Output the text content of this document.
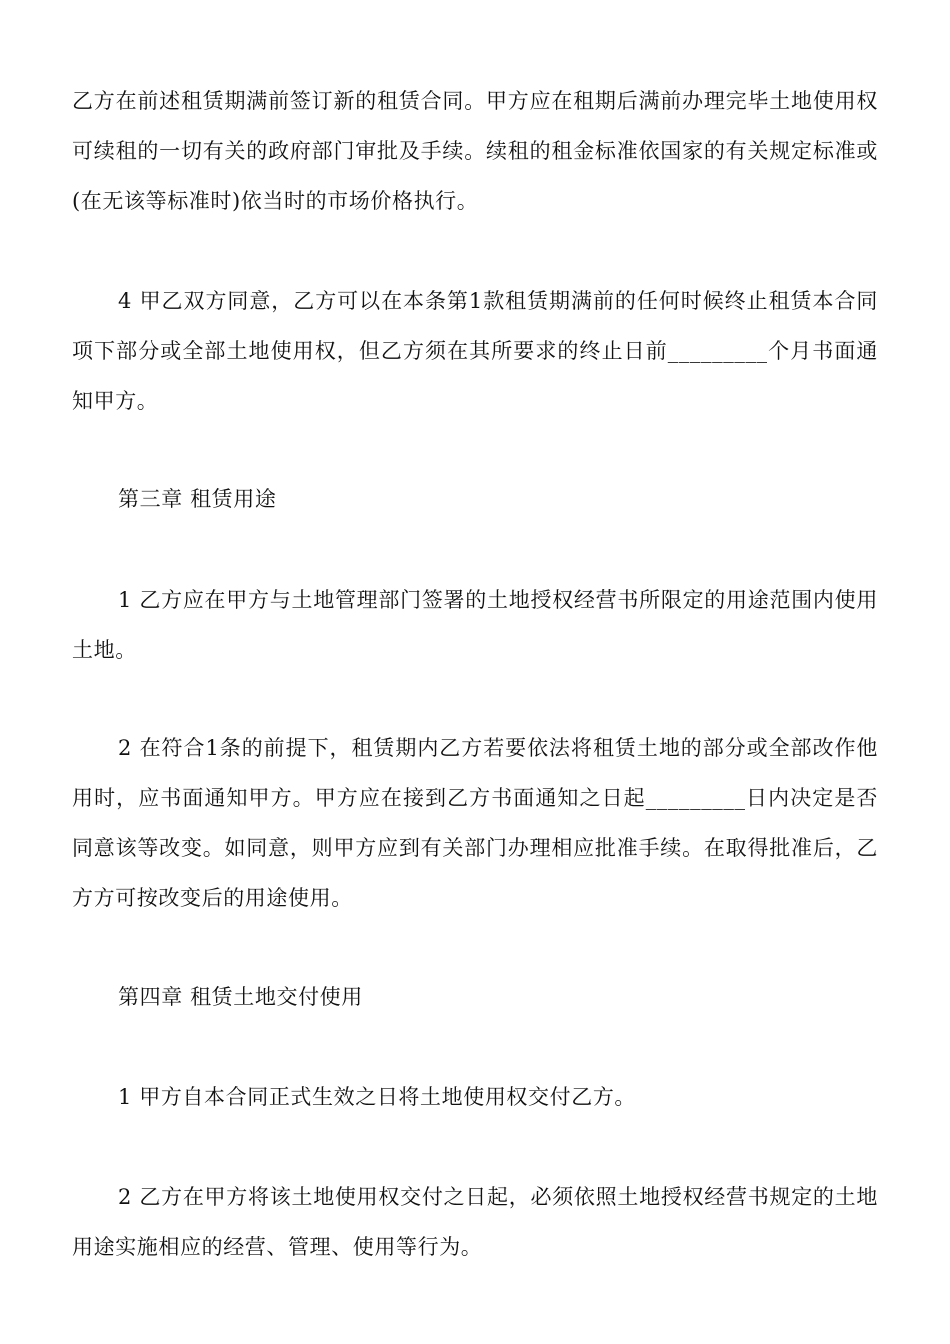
乙方在前述租赁期满前签订新的租赁合同。甲方应在租期后满前办理完毕土地使用权可续租的一切有关的政府部门审批及手续。续租的租金标准依国家的有关规定标准或(在无该等标准时)依当时的市场价格执行。

4 甲乙双方同意，乙方可以在本条第1款租赁期满前的任何时候终止租赁本合同项下部分或全部土地使用权，但乙方须在其所要求的终止日前_________个月书面通知甲方。

第三章 租赁用途

1 乙方应在甲方与土地管理部门签署的土地授权经营书所限定的用途范围内使用土地。

2 在符合1条的前提下，租赁期内乙方若要依法将租赁土地的部分或全部改作他用时，应书面通知甲方。甲方应在接到乙方书面通知之日起_________日内决定是否同意该等改变。如同意，则甲方应到有关部门办理相应批准手续。在取得批准后，乙方方可按改变后的用途使用。

第四章 租赁土地交付使用

1 甲方自本合同正式生效之日将土地使用权交付乙方。

2 乙方在甲方将该土地使用权交付之日起，必须依照土地授权经营书规定的土地用途实施相应的经营、管理、使用等行为。
